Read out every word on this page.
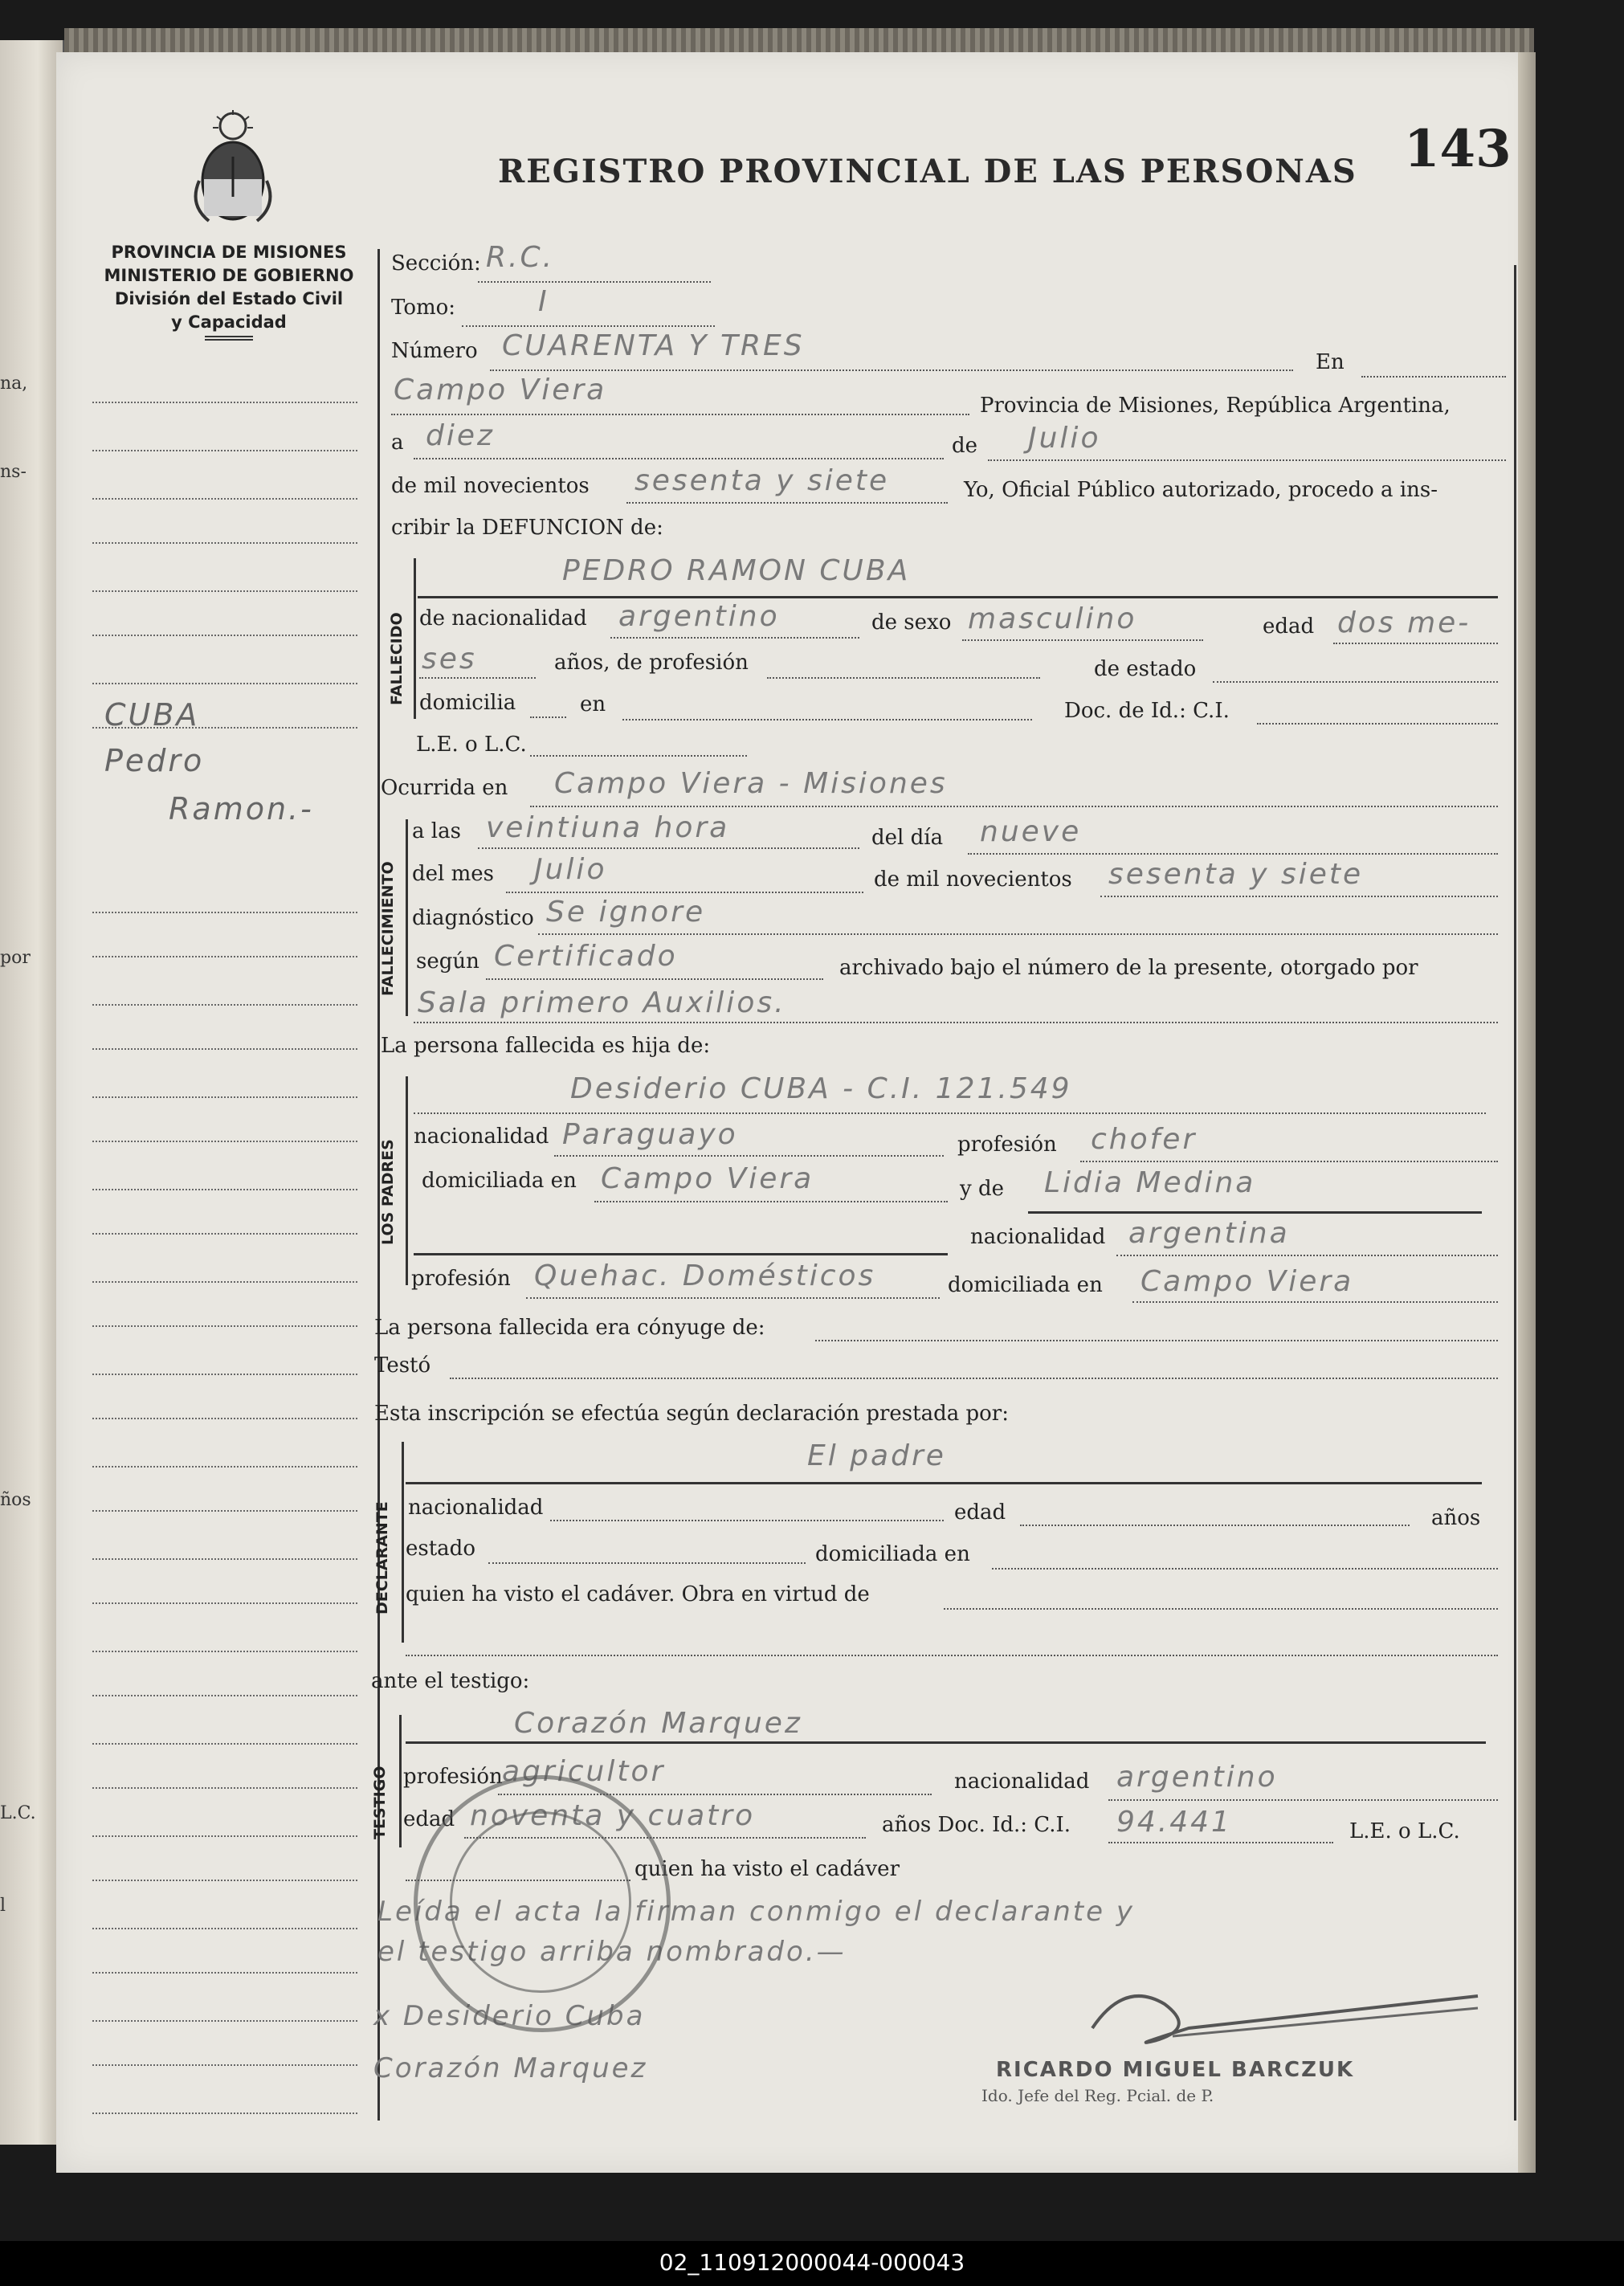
na,
ns-
por
ños
L.C.
l
REGISTRO PROVINCIAL DE LAS PERSONAS 143
PROVINCIA DE MISIONES
MINISTERIO DE GOBIERNO
División del Estado Civil
y Capacidad
CUBA
Pedro
Ramon.-
Sección: R.C.
Tomo:	I
Número CUARENTA Y TRES	En
Campo Viera	Provincia de Misiones, República Argentina,
a diez	de Julio
de mil novecientos sesenta y siete	Yo, Oficial Público autorizado, procedo a ins-
cribir la DEFUNCION de:
FALLECIDO
PEDRO RAMON CUBA
de nacionalidad argentino	de sexo masculino	edad dos me-
ses	años, de profesión	de estado
domicilia	en	Doc. de Id.: C.I.
L.E. o L.C.
Ocurrida en Campo Viera - Misiones
FALLECIMIENTO
a las veintiuna hora	del día nueve
del mes Julio	de mil novecientos sesenta y siete
diagnóstico Se ignore
según Certificado	archivado bajo el número de la presente, otorgado por
Sala primero Auxilios.
La persona fallecida es hija de:
LOS PADRES
Desiderio CUBA - C.I. 121.549
nacionalidad Paraguayo	profesión chofer
domiciliada en Campo Viera	y de Lidia Medina
nacionalidad argentina
profesión Quehac. Domésticos	domiciliada en Campo Viera
La persona fallecida era cónyuge de:
Testó
Esta inscripción se efectúa según declaración prestada por:
DECLARANTE
El padre
nacionalidad	edad	años
estado	domiciliada en
quien ha visto el cadáver. Obra en virtud de
ante el testigo:
TESTIGO
Corazón Marquez
profesión agricultor	nacionalidad argentino
edad noventa y cuatro	años Doc. Id.: C.I. 94.441	L.E. o L.C.
quien ha visto el cadáver
Leída el acta la firman conmigo el declarante y
el testigo arriba nombrado.—
x Desiderio Cuba
Corazón Marquez	RICARDO MIGUEL BARCZUK
Ido. Jefe del Reg. Pcial. de P.
02_110912000044-000043
